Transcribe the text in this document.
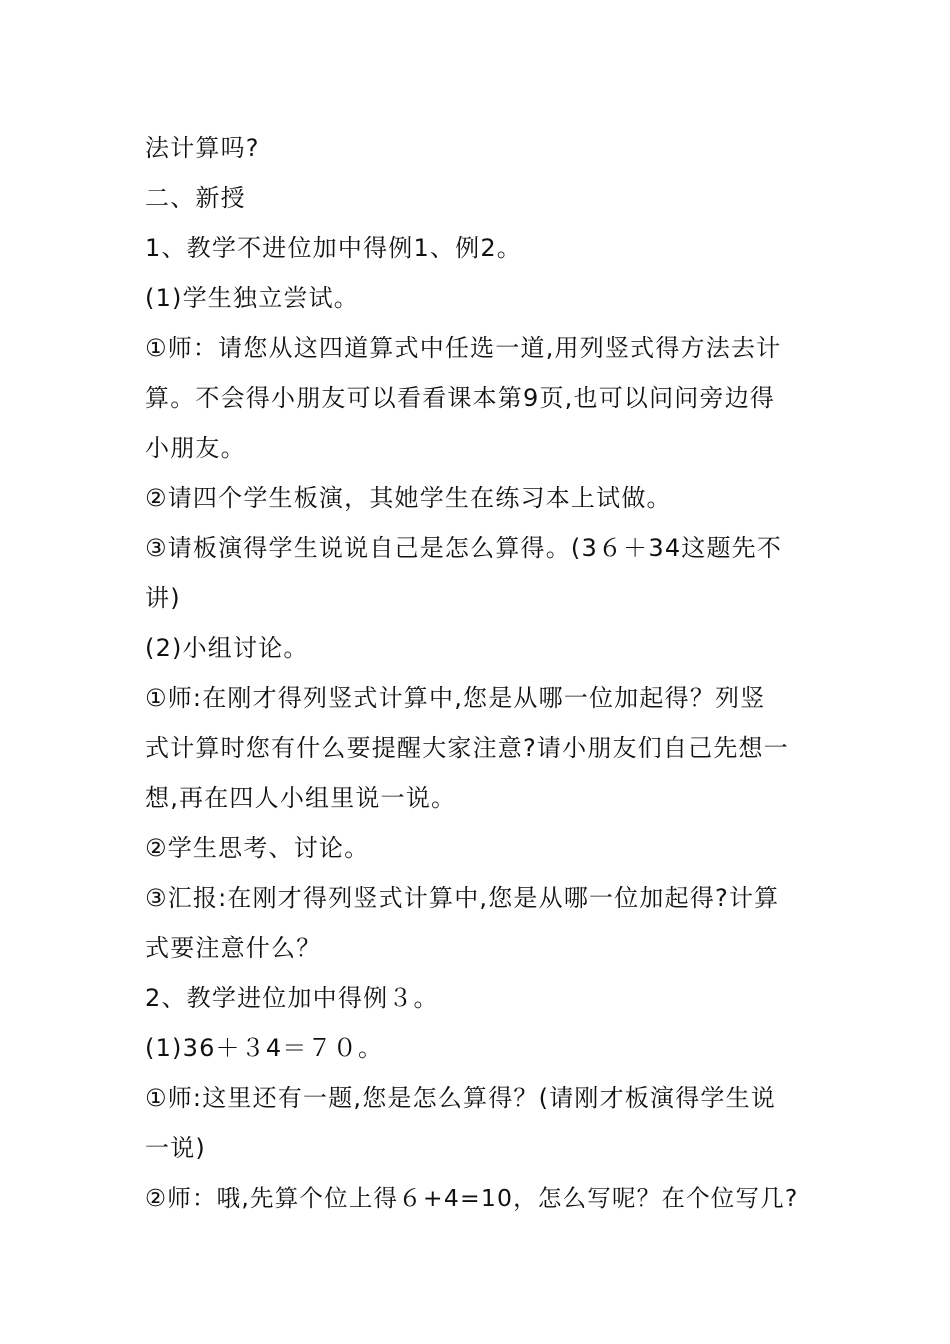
法计算吗?
二、新授
1、教学不进位加中得例1、例2。
(1)学生独立尝试。
①师：请您从这四道算式中任选一道,用列竖式得方法去计
算。不会得小朋友可以看看课本第9页,也可以问问旁边得
小朋友。
②请四个学生板演，其她学生在练习本上试做。
③请板演得学生说说自己是怎么算得。(3６＋34这题先不
讲)
(2)小组讨论。
①师:在刚才得列竖式计算中,您是从哪一位加起得？列竖
式计算时您有什么要提醒大家注意?请小朋友们自己先想一
想,再在四人小组里说一说。
②学生思考、讨论。
③汇报:在刚才得列竖式计算中,您是从哪一位加起得?计算
式要注意什么？
2、教学进位加中得例３。
(1)36＋３4＝７０。
①师:这里还有一题,您是怎么算得？(请刚才板演得学生说
一说)
②师：哦,先算个位上得６+4=10，怎么写呢？在个位写几?
